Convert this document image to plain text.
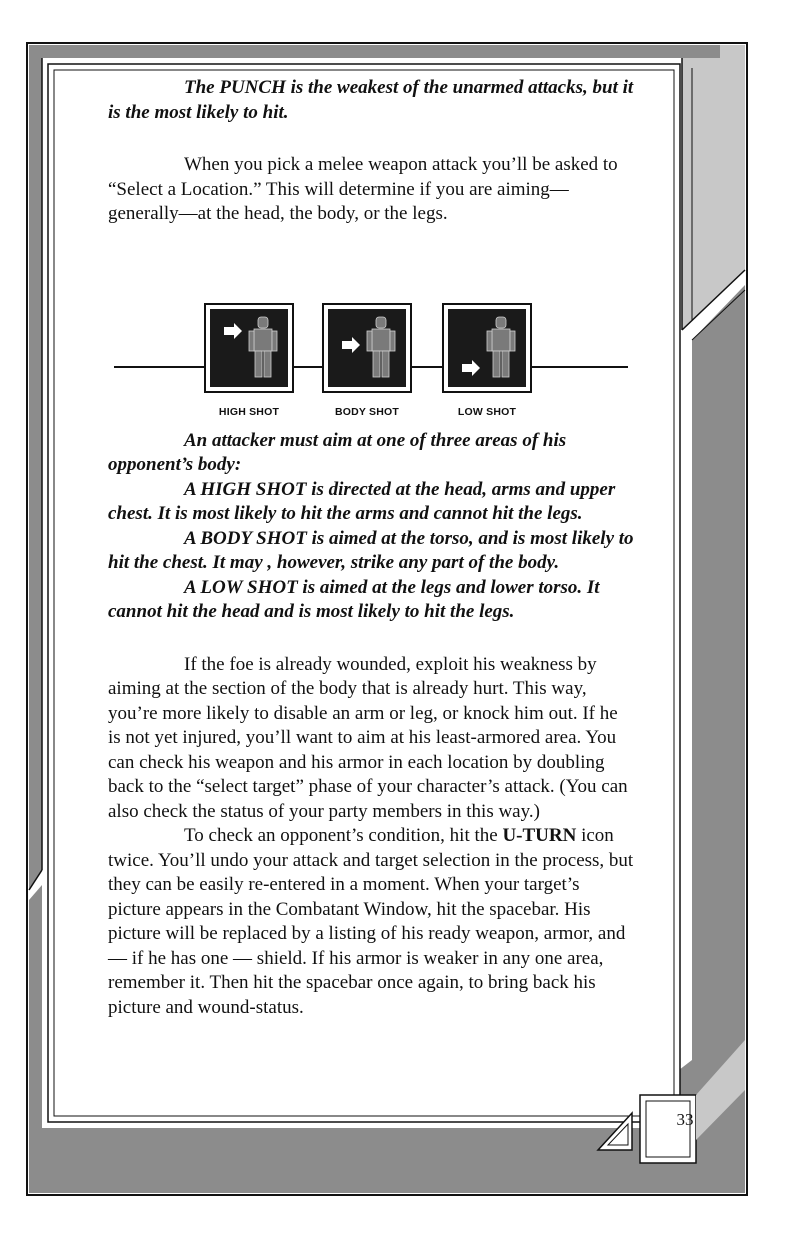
The PUNCH is the weakest of the unarmed attacks, but it is the most likely to hit.

When you pick a melee weapon attack you’ll be asked to “Select a Location.” This will determine if you are aiming—generally—at the head, the body, or the legs.

HIGH SHOT	BODY SHOT	LOW SHOT

An attacker must aim at one of three areas of his opponent’s body:

A HIGH SHOT is directed at the head, arms and upper chest. It is most likely to hit the arms and cannot hit the legs.

A BODY SHOT is aimed at the torso, and is most likely to hit the chest. It may , however, strike any part of the body.

A LOW SHOT is aimed at the legs and lower torso. It cannot hit the head and is most likely to hit the legs.

If the foe is already wounded, exploit his weakness by aiming at the section of the body that is already hurt. This way, you’re more likely to disable an arm or leg, or knock him out. If he is not yet injured, you’ll want to aim at his least-armored area. You can check his weapon and his armor in each location by doubling back to the “select target” phase of your character’s attack. (You can also check the status of your party members in this way.)

To check an opponent’s condition, hit the U-TURN icon twice. You’ll undo your attack and target selection in the process, but they can be easily re-entered in a moment. When your target’s picture appears in the Combatant Window, hit the spacebar. His picture will be replaced by a listing of his ready weapon, armor, and — if he has one — shield. If his armor is weaker in any one area, remember it. Then hit the spacebar once again, to bring back his picture and wound-status.

33
